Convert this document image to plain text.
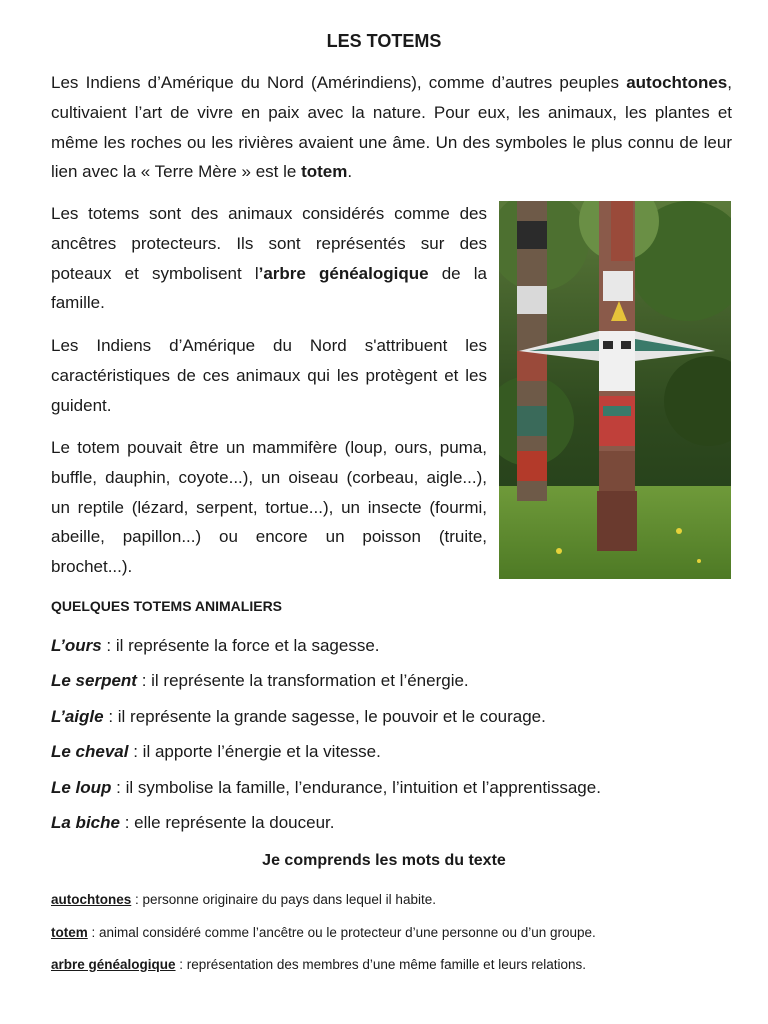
LES TOTEMS

Les Indiens d’Amérique du Nord (Amérindiens), comme d’autres peuples autochtones, cultivaient l’art de vivre en paix avec la nature. Pour eux, les animaux, les plantes et même les roches ou les rivières avaient une âme. Un des symboles le plus connu de leur lien avec la « Terre Mère » est le totem.

Les totems sont des animaux considérés comme des ancêtres protecteurs. Ils sont représentés sur des poteaux et symbolisent l’arbre généalogique de la famille.

Les Indiens d’Amérique du Nord s'attribuent les caractéristiques de ces animaux qui les protègent et les guident.

Le totem pouvait être un mammifère (loup, ours, puma, buffle, dauphin, coyote...), un oiseau (corbeau, aigle...), un reptile (lézard, serpent, tortue...), un insecte (fourmi, abeille, papillon...) ou encore un poisson (truite, brochet...).

QUELQUES TOTEMS ANIMALIERS
L’ours : il représente la force et la sagesse.
Le serpent : il représente la transformation et l’énergie.
L’aigle : il représente la grande sagesse, le pouvoir et le courage.
Le cheval : il apporte l’énergie et la vitesse.
Le loup : il symbolise la famille, l’endurance, l’intuition et l’apprentissage.
La biche : elle représente la douceur.
Je comprends les mots du texte
autochtones : personne originaire du pays dans lequel il habite.
totem : animal considéré comme l’ancêtre ou le protecteur d’une personne ou d’un groupe.
arbre généalogique : représentation des membres d’une même famille et leurs relations.
